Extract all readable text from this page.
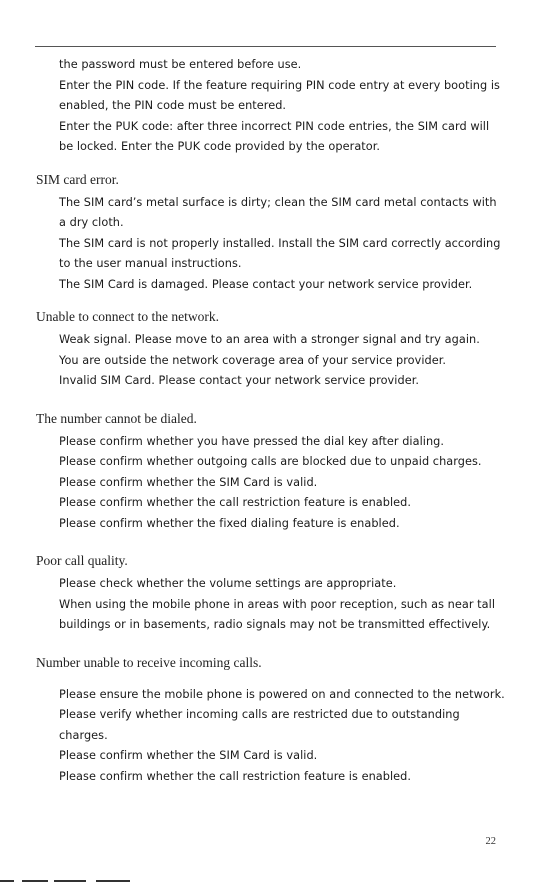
the password must be entered before use.
Enter the PIN code. If the feature requiring PIN code entry at every booting is enabled, the PIN code must be entered.
Enter the PUK code: after three incorrect PIN code entries, the SIM card will be locked. Enter the PUK code provided by the operator.
SIM card error.
The SIM card’s metal surface is dirty; clean the SIM card metal contacts with a dry cloth.
The SIM card is not properly installed. Install the SIM card correctly according to the user manual instructions.
The SIM Card is damaged. Please contact your network service provider.
Unable to connect to the network.
Weak signal. Please move to an area with a stronger signal and try again.
You are outside the network coverage area of your service provider.
Invalid SIM Card. Please contact your network service provider.
The number cannot be dialed.
Please confirm whether you have pressed the dial key after dialing.
Please confirm whether outgoing calls are blocked due to unpaid charges.
Please confirm whether the SIM Card is valid.
Please confirm whether the call restriction feature is enabled.
Please confirm whether the fixed dialing feature is enabled.
Poor call quality.
Please check whether the volume settings are appropriate.
When using the mobile phone in areas with poor reception, such as near tall buildings or in basements, radio signals may not be transmitted effectively.
Number unable to receive incoming calls.
Please ensure the mobile phone is powered on and connected to the network.
Please verify whether incoming calls are restricted due to outstanding charges.
Please confirm whether the SIM Card is valid.
Please confirm whether the call restriction feature is enabled.
22
